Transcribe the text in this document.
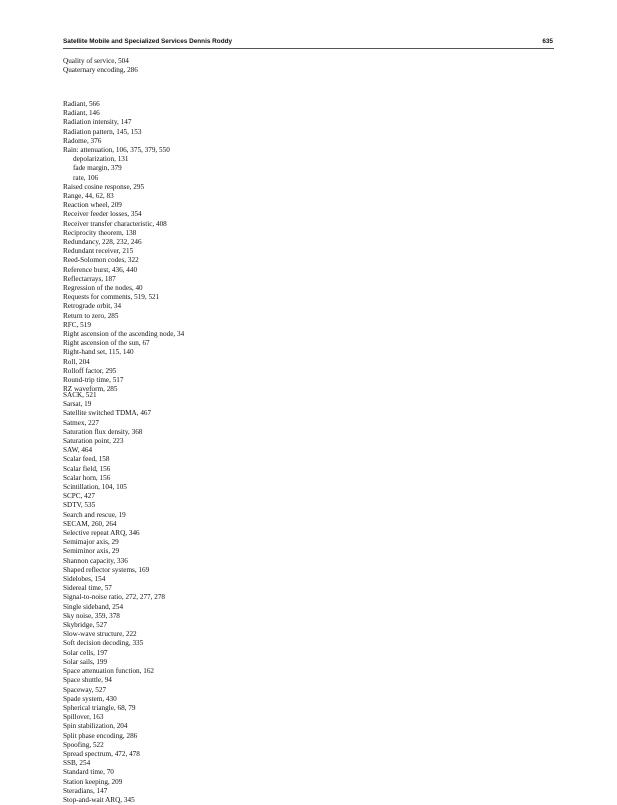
Satellite Mobile and Specialized Services Dennis Roddy	635
Quality of service, 504
Quaternary encoding, 286
Radiant, 566
Radiant, 146
Radiation intensity, 147
Radiation pattern, 145, 153
Radome, 376
Rain: attenuation, 106, 375, 379, 550
depolarization, 131
fade margin, 379
rate, 106
Raised cosine response, 295
Range, 44, 62, 83
Reaction wheel, 209
Receiver feeder losses, 354
Receiver transfer characteristic, 408
Reciprocity theorem, 138
Redundancy, 228, 232, 246
Redundant receiver, 215
Reed-Solomon codes, 322
Reference burst, 436, 440
Reflectarrays, 187
Regression of the nodes, 40
Requests for comments, 519, 521
Retrograde orbit, 34
Return to zero, 285
RFC, 519
Right ascension of the ascending node, 34
Right ascension of the sun, 67
Right-hand set, 115, 140
Roll, 204
Rolloff factor, 295
Round-trip time, 517
RZ waveform, 285
SACK, 521
Sarsat, 19
Satellite switched TDMA, 467
Satmex, 227
Saturation flux density, 368
Saturation point, 223
SAW, 464
Scalar feed, 158
Scalar field, 156
Scalar horn, 156
Scintillation, 104, 105
SCPC, 427
SDTV, 535
Search and rescue, 19
SECAM, 260, 264
Selective repeat ARQ, 346
Semimajor axis, 29
Semiminor axis, 29
Shannon capacity, 336
Shaped reflector systems, 169
Sidelobes, 154
Sidereal time, 57
Signal-to-noise ratio, 272, 277, 278
Single sideband, 254
Sky noise, 359, 378
Skybridge, 527
Slow-wave structure, 222
Soft decision decoding, 335
Solar cells, 197
Solar sails, 199
Space attenuation function, 162
Space shuttle, 94
Spaceway, 527
Spade system, 430
Spherical triangle, 68, 79
Spillover, 163
Spin stabilization, 204
Split phase encoding, 286
Spoofing, 522
Spread spectrum, 472, 478
SSB, 254
Standard time, 70
Station keeping, 209
Steradians, 147
Stop-and-wait ARQ, 345
